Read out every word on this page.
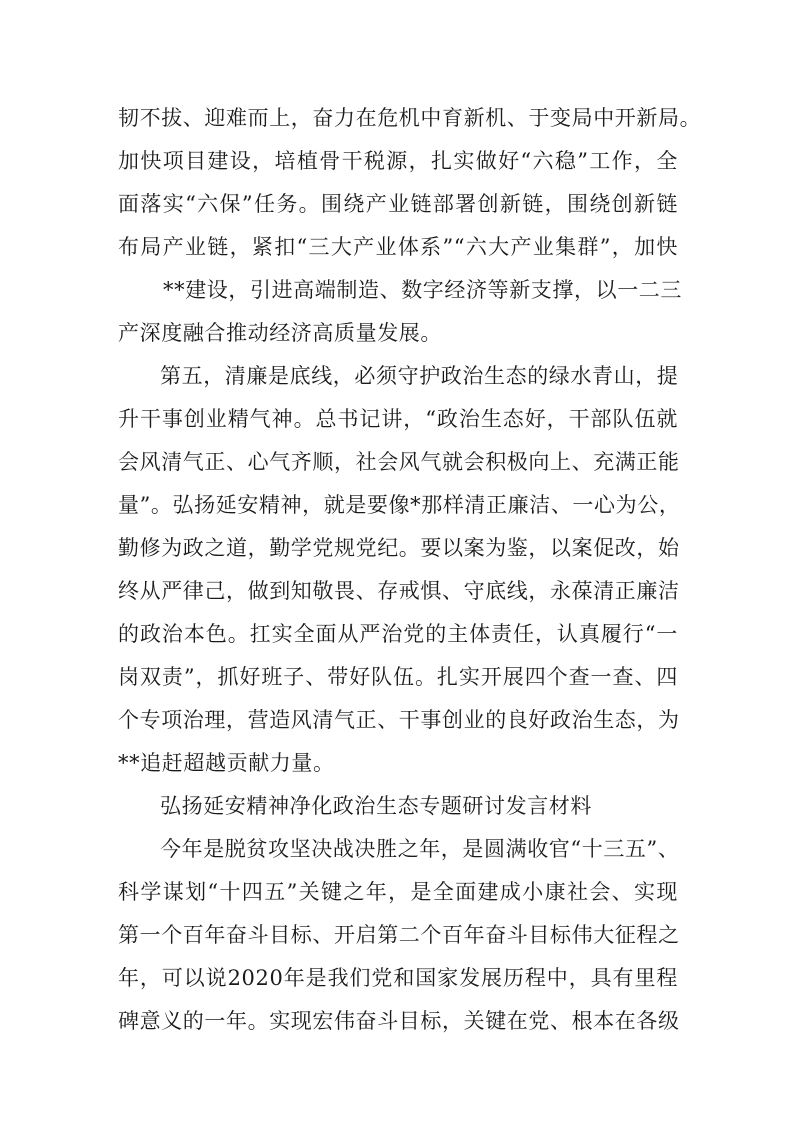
韧不拔、迎难而上，奋力在危机中育新机、于变局中开新局。
加快项目建设，培植骨干税源，扎实做好“六稳”工作，全
面落实“六保”任务。围绕产业链部署创新链，围绕创新链
布局产业链，紧扣“三大产业体系”“六大产业集群”，加快
**建设，引进高端制造、数字经济等新支撑，以一二三
产深度融合推动经济高质量发展。
第五，清廉是底线，必须守护政治生态的绿水青山，提
升干事创业精气神。总书记讲，“政治生态好，干部队伍就
会风清气正、心气齐顺，社会风气就会积极向上、充满正能
量”。弘扬延安精神，就是要像*那样清正廉洁、一心为公，
勤修为政之道，勤学党规党纪。要以案为鉴，以案促改，始
终从严律己，做到知敬畏、存戒惧、守底线，永葆清正廉洁
的政治本色。扛实全面从严治党的主体责任，认真履行“一
岗双责”，抓好班子、带好队伍。扎实开展四个查一查、四
个专项治理，营造风清气正、干事创业的良好政治生态，为
**追赶超越贡献力量。
弘扬延安精神净化政治生态专题研讨发言材料
今年是脱贫攻坚决战决胜之年，是圆满收官“十三五”、
科学谋划“十四五”关键之年，是全面建成小康社会、实现
第一个百年奋斗目标、开启第二个百年奋斗目标伟大征程之
年，可以说2020年是我们党和国家发展历程中，具有里程
碑意义的一年。实现宏伟奋斗目标，关键在党、根本在各级
